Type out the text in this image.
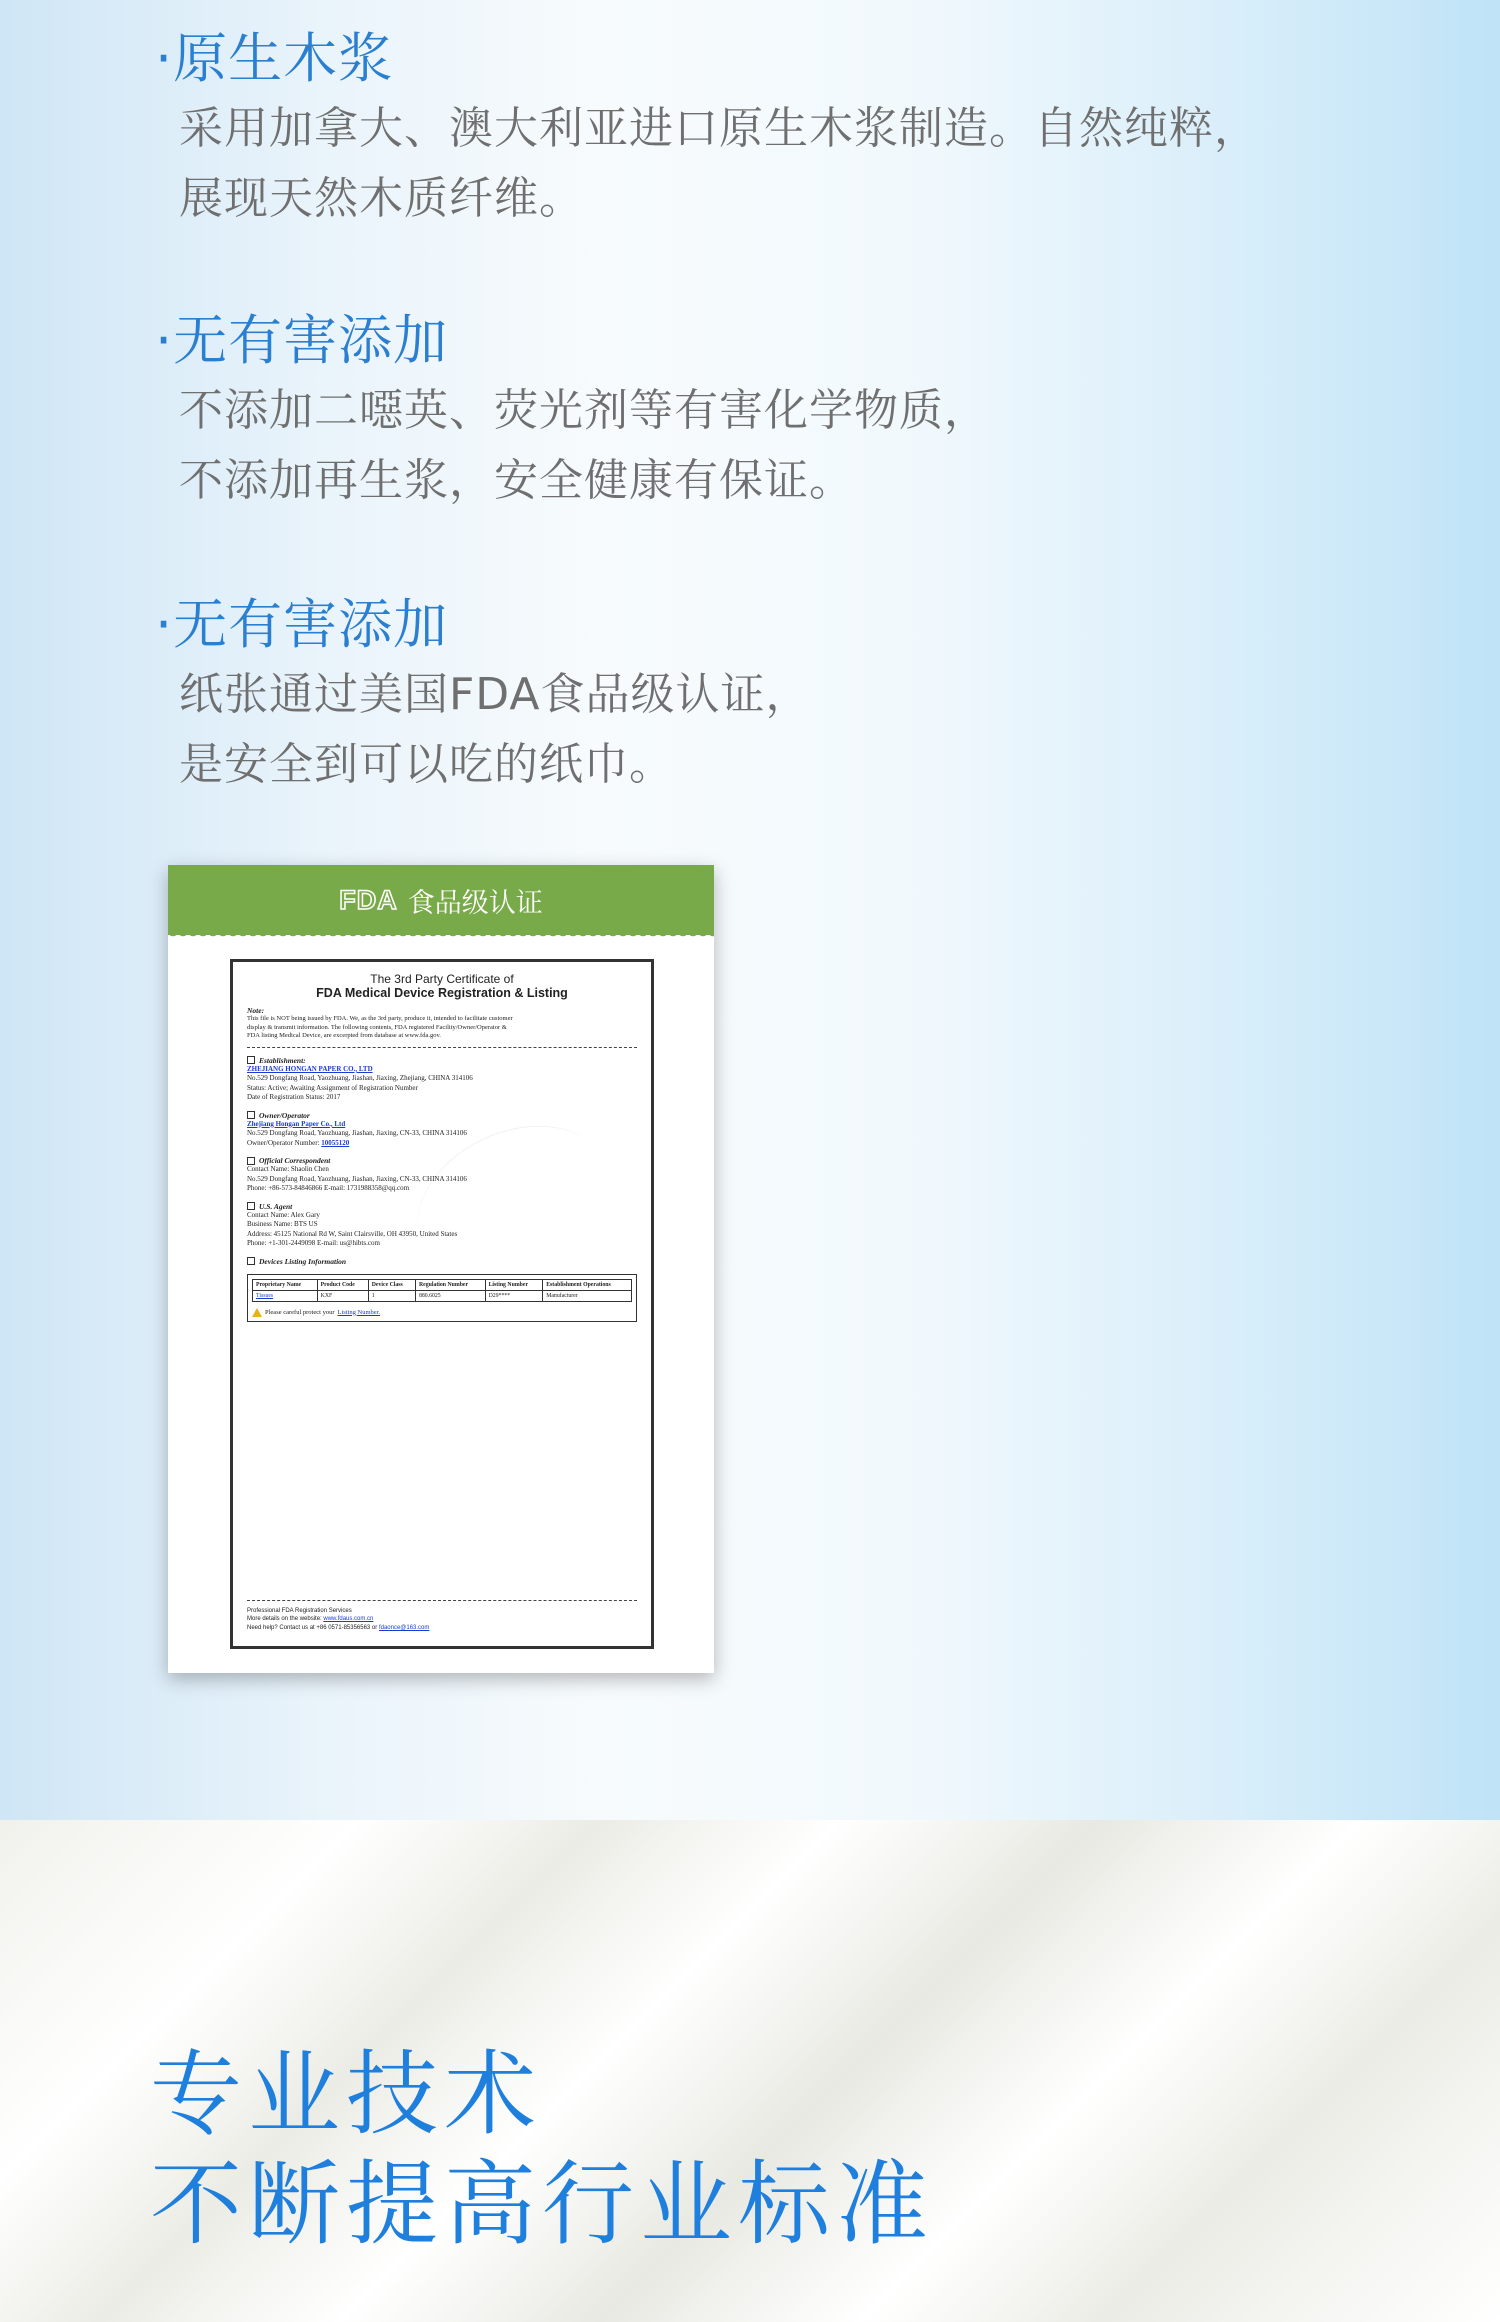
·原生木浆
采用加拿大、澳大利亚进口原生木浆制造。自然纯粹，
展现天然木质纤维。
·无有害添加
不添加二噁英、荧光剂等有害化学物质，
不添加再生浆，安全健康有保证。
·无有害添加
纸张通过美国FDA食品级认证，
是安全到可以吃的纸巾。
FDA 食品级认证
The 3rd Party Certificate of
FDA Medical Device Registration & Listing
Note:
This file is NOT being issued by FDA. We, as the 3rd party, produce it, intended to facilitate customer
display & transmit information. The following contents, FDA registered Facility/Owner/Operator &
FDA listing Medical Device, are excerpted from database at www.fda.gov.
Establishment:
ZHEJIANG HONGAN PAPER CO., LTD
No.529 Dongfang Road, Yaozhuang, Jiashan, Jiaxing, Zhejiang, CHINA 314106
Status: Active; Awaiting Assignment of Registration Number
Date of Registration Status: 2017
Owner/Operator
Zhejiang Hongan Paper Co., Ltd
No.529 Dongfang Road, Yaozhuang, Jiashan, Jiaxing, CN-33, CHINA 314106
Owner/Operator Number: 10055120
Official Correspondent
Contact Name: Shaolin Chen
No.529 Dongfang Road, Yaozhuang, Jiashan, Jiaxing, CN-33, CHINA 314106
Phone: +86-573-84846866 E-mail: 1731988358@qq.com
U.S. Agent
Contact Name: Alex Gary
Business Name: BTS US
Address: 45125 National Rd W, Saint Clairsville, OH 43950, United States
Phone: +1-301-2449098 E-mail: us@hibts.com
Devices Listing Information
Proprietary Name	Product Code	Device Class	Regulation Number	Listing Number	Establishment Operations
Tissues	KXF	1	880.6025	D29****	Manufacturer
Please careful protect your Listing Number.
Professional FDA Registration Services
More details on the website: www.fdaus.com.cn
Need help? Contact us at +86 0571-85356563 or fdaonce@163.com
专业技术
不断提高行业标准
